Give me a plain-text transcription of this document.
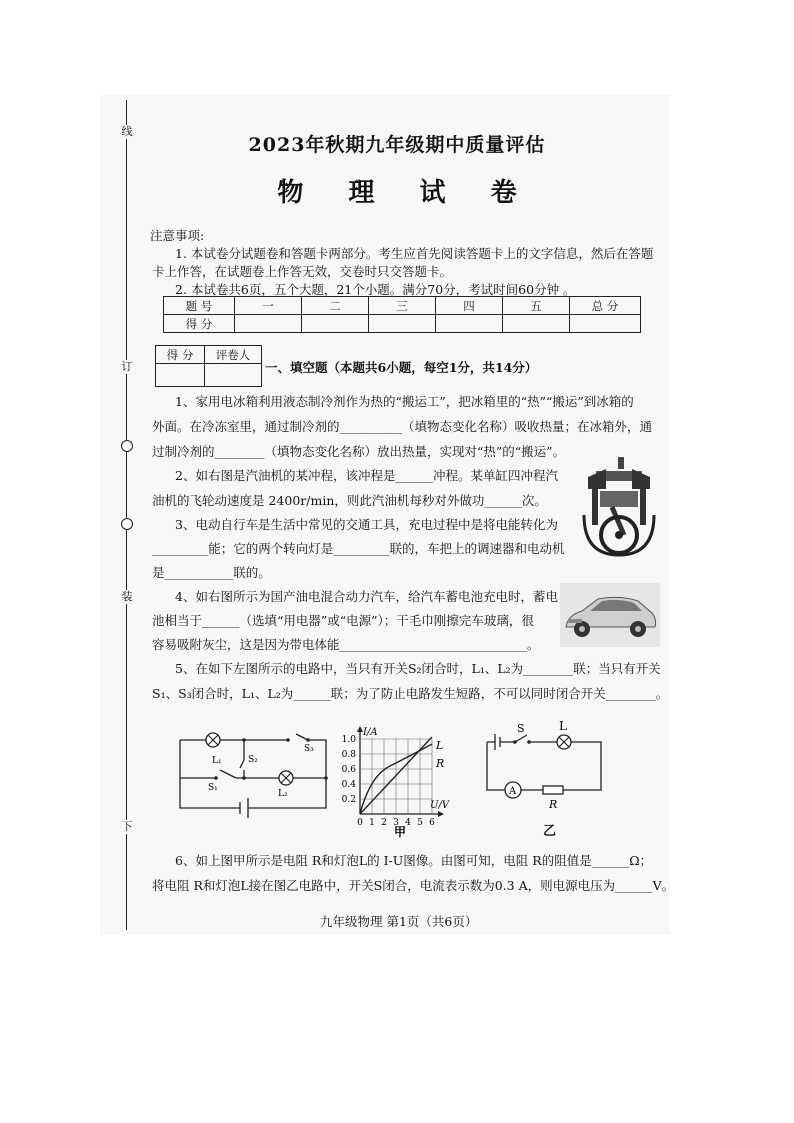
线
订
装
下
2023年秋期九年级期中质量评估
物 理 试 卷
注意事项:
1. 本试卷分试题卷和答题卡两部分。考生应首先阅读答题卡上的文字信息，然后在答题
卡上作答，在试题卷上作答无效，交卷时只交答题卡。
2. 本试卷共6页，五个大题，21个小题。满分70分，考试时间60分钟 。
题 号	一	二	三	四	五	总 分
得 分						
得 分	评卷人

一、填空题（本题共6小题，每空1分，共14分）
1、家用电冰箱利用液态制冷剂作为热的“搬运工”，把冰箱里的“热”“搬运”到冰箱的
外面。在冷冻室里，通过制冷剂的__________（填物态变化名称）吸收热量；在冰箱外，通
过制冷剂的________（填物态变化名称）放出热量，实现对“热”的“搬运”。
2、如右图是汽油机的某冲程，该冲程是______冲程。某单缸四冲程汽
油机的飞轮动速度是 2400r/min，则此汽油机每秒对外做功______次。
3、电动自行车是生活中常见的交通工具，充电过程中是将电能转化为
_________能；它的两个转向灯是_________联的，车把上的调速器和电动机
是___________联的。
4、如右图所示为国产油电混合动力汽车，给汽车蓄电池充电时，蓄电
池相当于______（选填“用电器”或“电源”）；干毛巾刚擦完车玻璃，很
容易吸附灰尘，这是因为带电体能______________________________。
5、在如下左图所示的电路中，当只有开关S₂闭合时，L₁、L₂为________联；当只有开关
S₁、S₃闭合时，L₁、L₂为______联；为了防止电路发生短路，不可以同时闭合开关________。
6、如上图甲所示是电阻 R和灯泡L的 I-U图像。由图可知，电阻 R的阻值是______Ω；
将电阻 R和灯泡L接在图乙电路中，开关S闭合，电流表示数为0.3 A，则电源电压为______V。
L₁	S₂
S₃
S₁
L₂
1.0
0.8
0.6
0.4
0.2
0 1 2 3 4 5 6
I/A
U/V
L
R
甲
S	L
A
R
乙
九年级物理 第1页（共6页）
